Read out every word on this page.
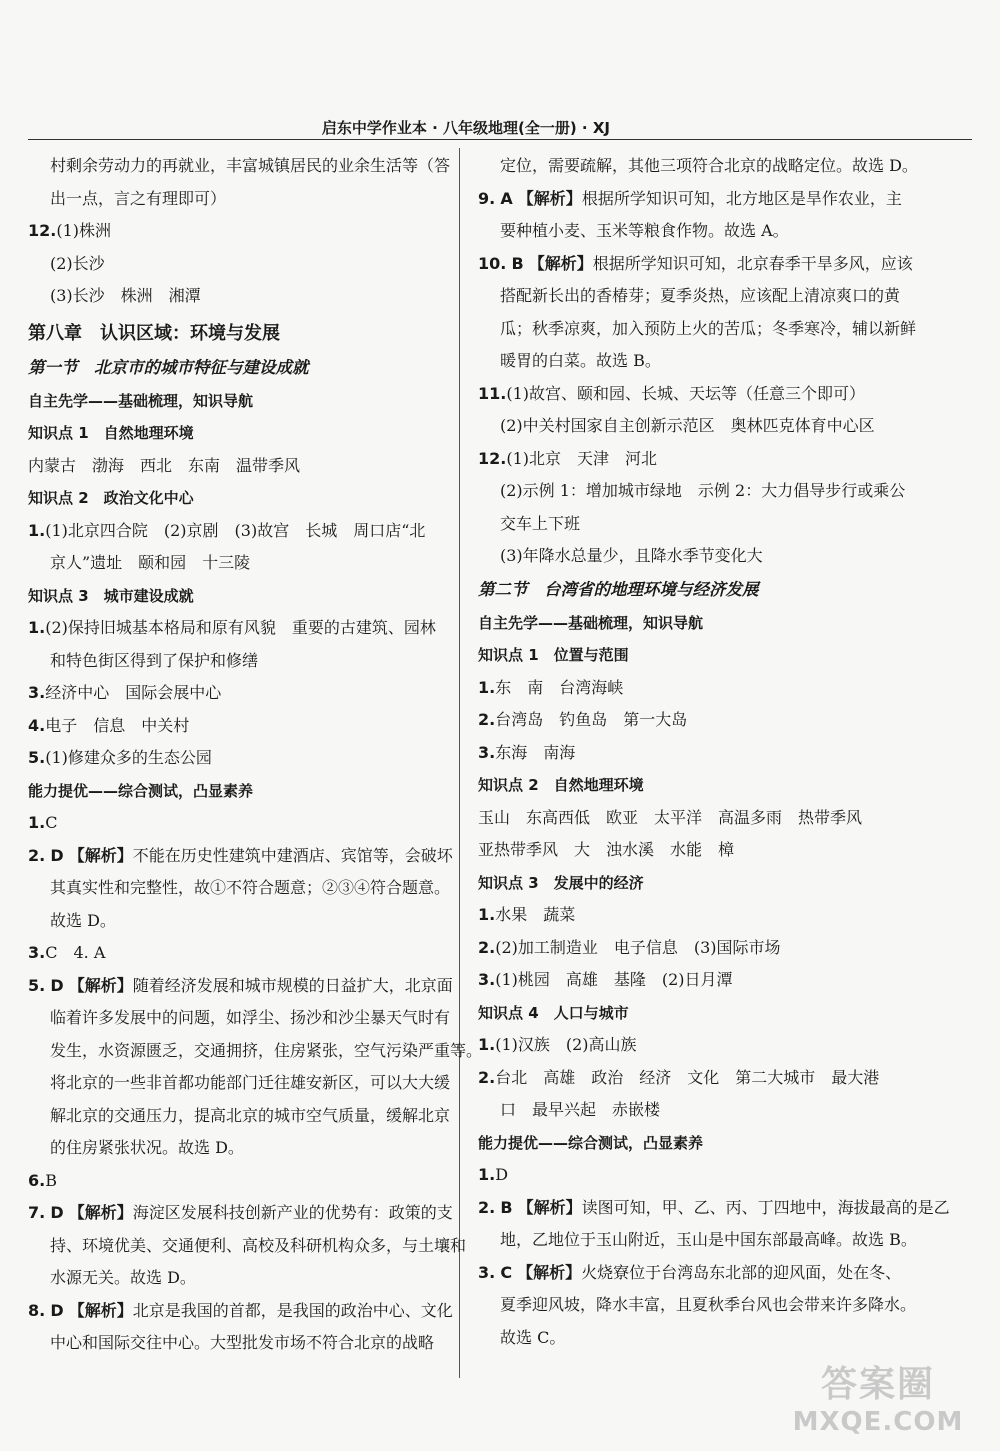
启东中学作业本 · 八年级地理(全一册) · XJ
村剩余劳动力的再就业，丰富城镇居民的业余生活等（答
出一点，言之有理即可）
12.(1)株洲
(2)长沙
(3)长沙　株洲　湘潭
第八章　认识区域：环境与发展
第一节　北京市的城市特征与建设成就
自主先学——基础梳理，知识导航
知识点 1　自然地理环境
内蒙古　渤海　西北　东南　温带季风
知识点 2　政治文化中心
1.(1)北京四合院　(2)京剧　(3)故宫　长城　周口店“北
京人”遗址　颐和园　十三陵
知识点 3　城市建设成就
1.(2)保持旧城基本格局和原有风貌　重要的古建筑、园林
和特色街区得到了保护和修缮
3.经济中心　国际会展中心
4.电子　信息　中关村
5.(1)修建众多的生态公园
能力提优——综合测试，凸显素养
1.C
2. D 【解析】不能在历史性建筑中建酒店、宾馆等，会破坏
其真实性和完整性，故①不符合题意；②③④符合题意。
故选 D。
3.C　4. A
5. D 【解析】随着经济发展和城市规模的日益扩大，北京面
临着许多发展中的问题，如浮尘、扬沙和沙尘暴天气时有
发生，水资源匮乏，交通拥挤，住房紧张，空气污染严重等。
将北京的一些非首都功能部门迁往雄安新区，可以大大缓
解北京的交通压力，提高北京的城市空气质量，缓解北京
的住房紧张状况。故选 D。
6.B
7. D 【解析】海淀区发展科技创新产业的优势有：政策的支
持、环境优美、交通便利、高校及科研机构众多，与土壤和
水源无关。故选 D。
8. D 【解析】北京是我国的首都，是我国的政治中心、文化
中心和国际交往中心。大型批发市场不符合北京的战略
定位，需要疏解，其他三项符合北京的战略定位。故选 D。
9. A 【解析】根据所学知识可知，北方地区是旱作农业，主
要种植小麦、玉米等粮食作物。故选 A。
10. B 【解析】根据所学知识可知，北京春季干旱多风，应该
搭配新长出的香椿芽；夏季炎热，应该配上清凉爽口的黄
瓜；秋季凉爽，加入预防上火的苦瓜；冬季寒冷，辅以新鲜
暖胃的白菜。故选 B。
11.(1)故宫、颐和园、长城、天坛等（任意三个即可）
(2)中关村国家自主创新示范区　奥林匹克体育中心区
12.(1)北京　天津　河北
(2)示例 1：增加城市绿地　示例 2：大力倡导步行或乘公
交车上下班
(3)年降水总量少，且降水季节变化大
第二节　台湾省的地理环境与经济发展
自主先学——基础梳理，知识导航
知识点 1　位置与范围
1.东　南　台湾海峡
2.台湾岛　钓鱼岛　第一大岛
3.东海　南海
知识点 2　自然地理环境
玉山　东高西低　欧亚　太平洋　高温多雨　热带季风
亚热带季风　大　浊水溪　水能　樟
知识点 3　发展中的经济
1.水果　蔬菜
2.(2)加工制造业　电子信息　(3)国际市场
3.(1)桃园　高雄　基隆　(2)日月潭
知识点 4　人口与城市
1.(1)汉族　(2)高山族
2.台北　高雄　政治　经济　文化　第二大城市　最大港
口　最早兴起　赤嵌楼
能力提优——综合测试，凸显素养
1.D
2. B 【解析】读图可知，甲、乙、丙、丁四地中，海拔最高的是乙
地，乙地位于玉山附近，玉山是中国东部最高峰。故选 B。
3. C 【解析】火烧寮位于台湾岛东北部的迎风面，处在冬、
夏季迎风坡，降水丰富，且夏秋季台风也会带来许多降水。
故选 C。
答案圈
MXQE.COM
